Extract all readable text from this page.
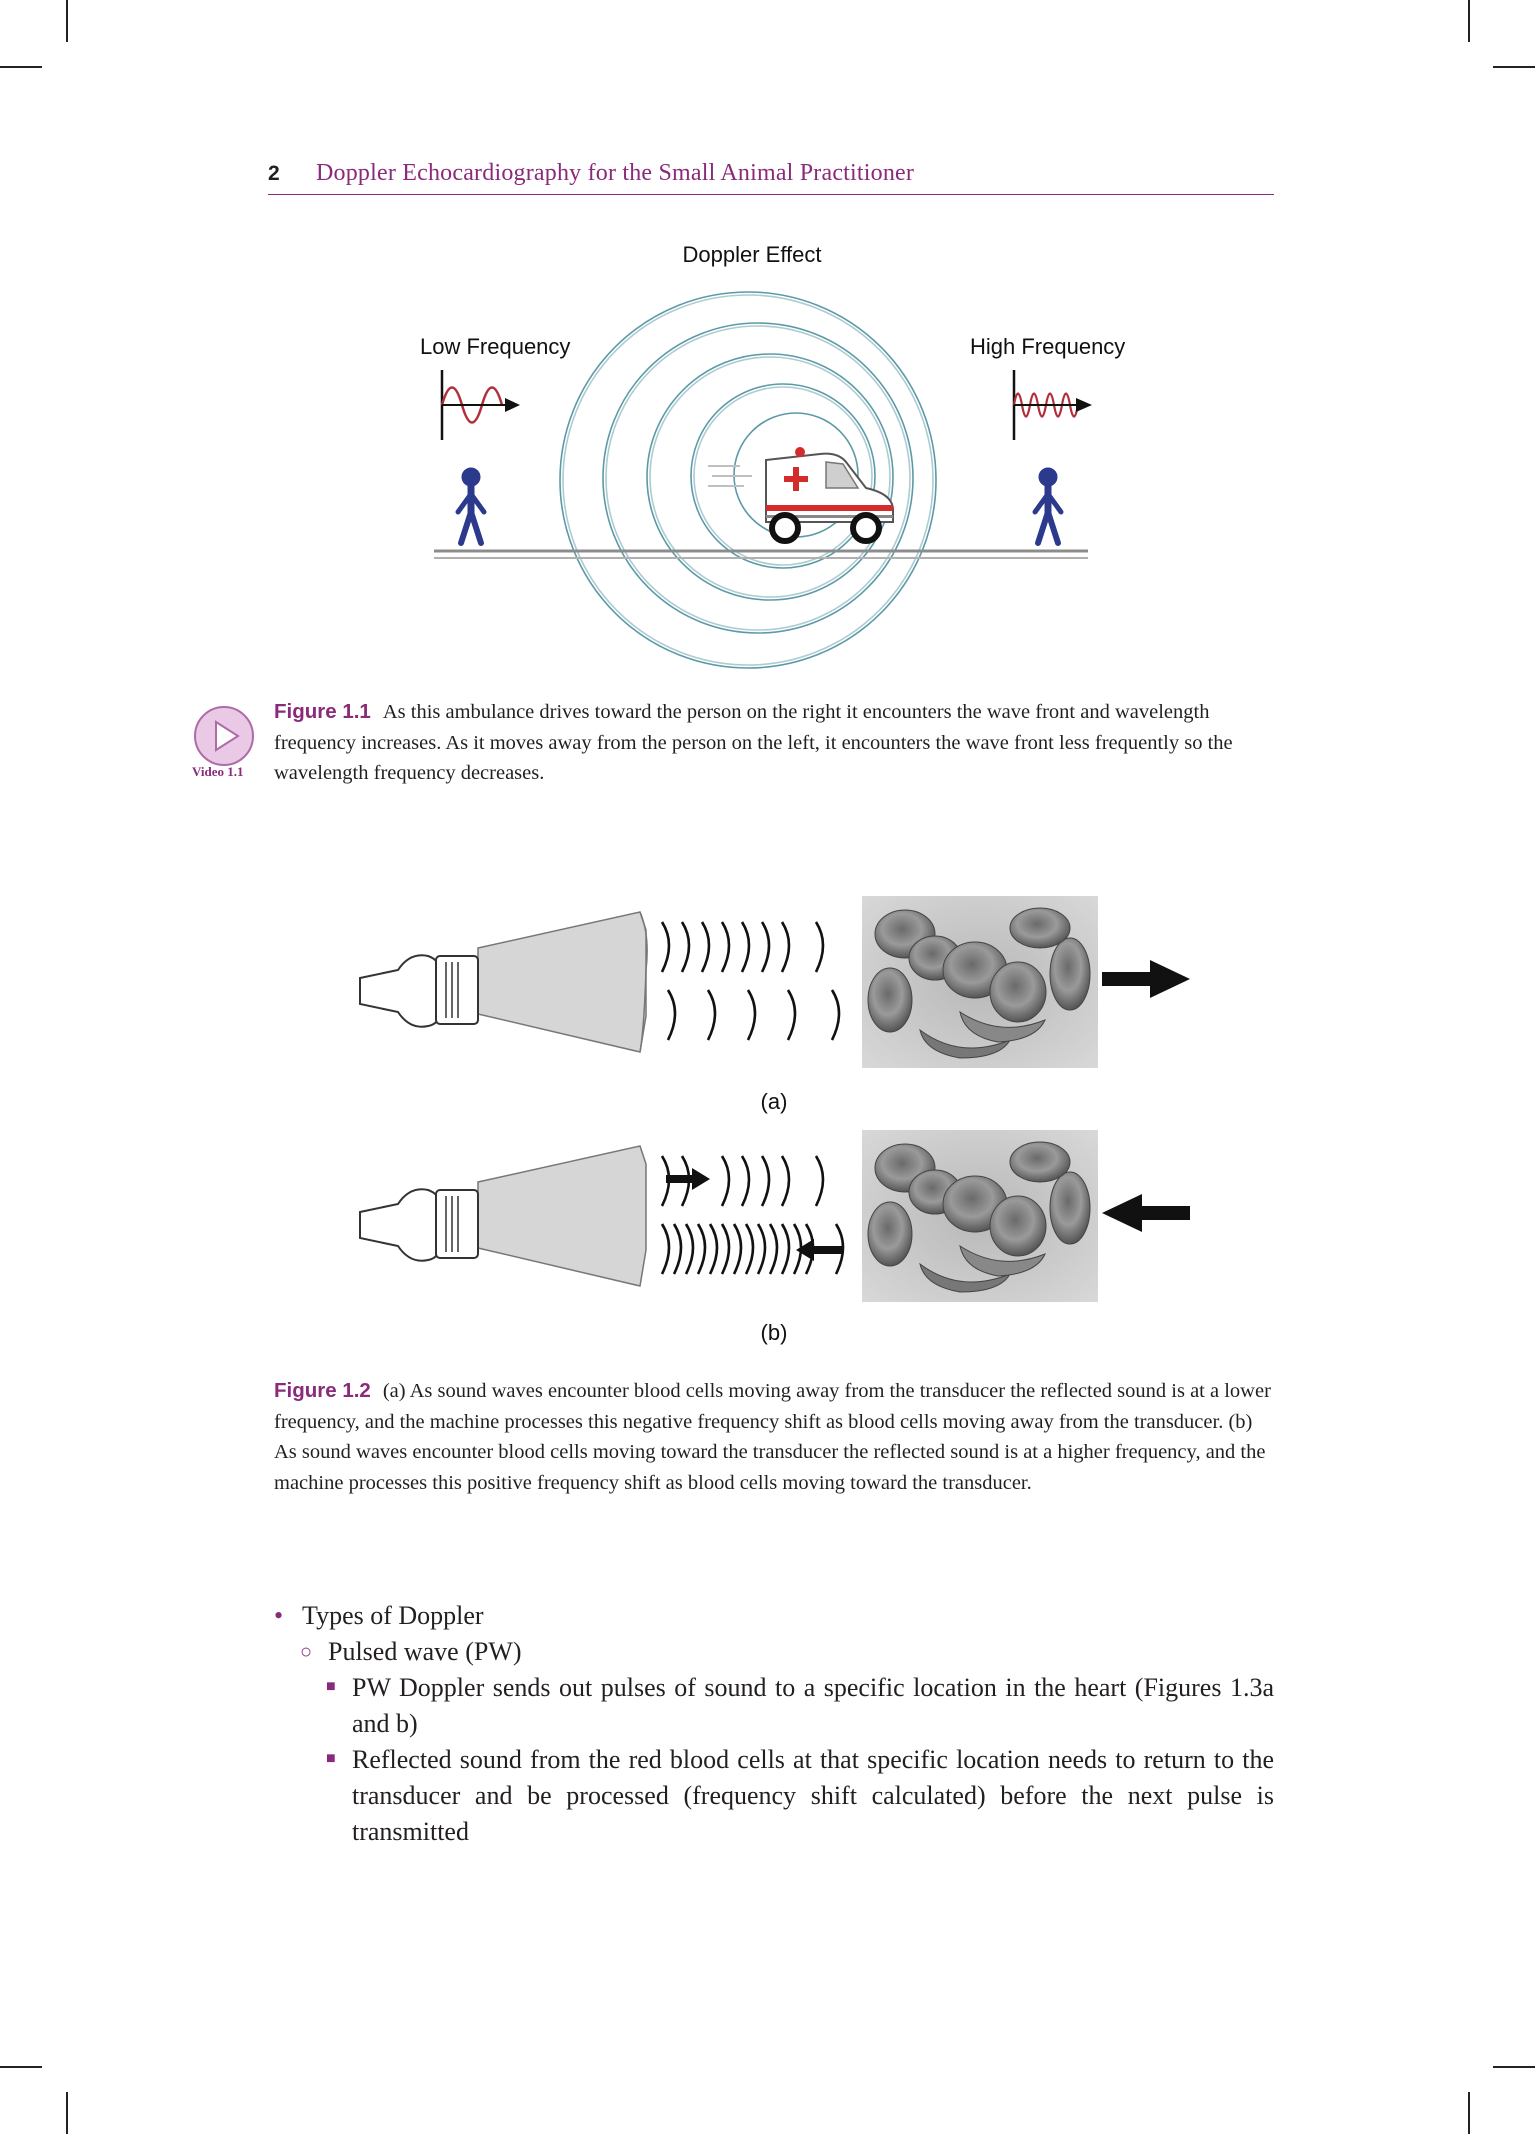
2 Doppler Echocardiography for the Small Animal Practitioner
Doppler Effect
Low Frequency	High Frequency
Video 1.1
Figure 1.1 As this ambulance drives toward the person on the right it encounters the wave front and wavelength frequency increases. As it moves away from the person on the left, it encounters the wave front less frequently so the wavelength frequency decreases.
(a)
(b)
Figure 1.2 (a) As sound waves encounter blood cells moving away from the transducer the reflected sound is at a lower frequency, and the machine processes this negative frequency shift as blood cells moving away from the transducer. (b) As sound waves encounter blood cells moving toward the transducer the reflected sound is at a higher frequency, and the machine processes this positive frequency shift as blood cells moving toward the transducer.
• Types of Doppler
○ Pulsed wave (PW)
■ PW Doppler sends out pulses of sound to a specific location in the heart (Figures 1.3a and b)
■ Reflected sound from the red blood cells at that specific location needs to return to the transducer and be processed (frequency shift calculated) before the next pulse is transmitted
